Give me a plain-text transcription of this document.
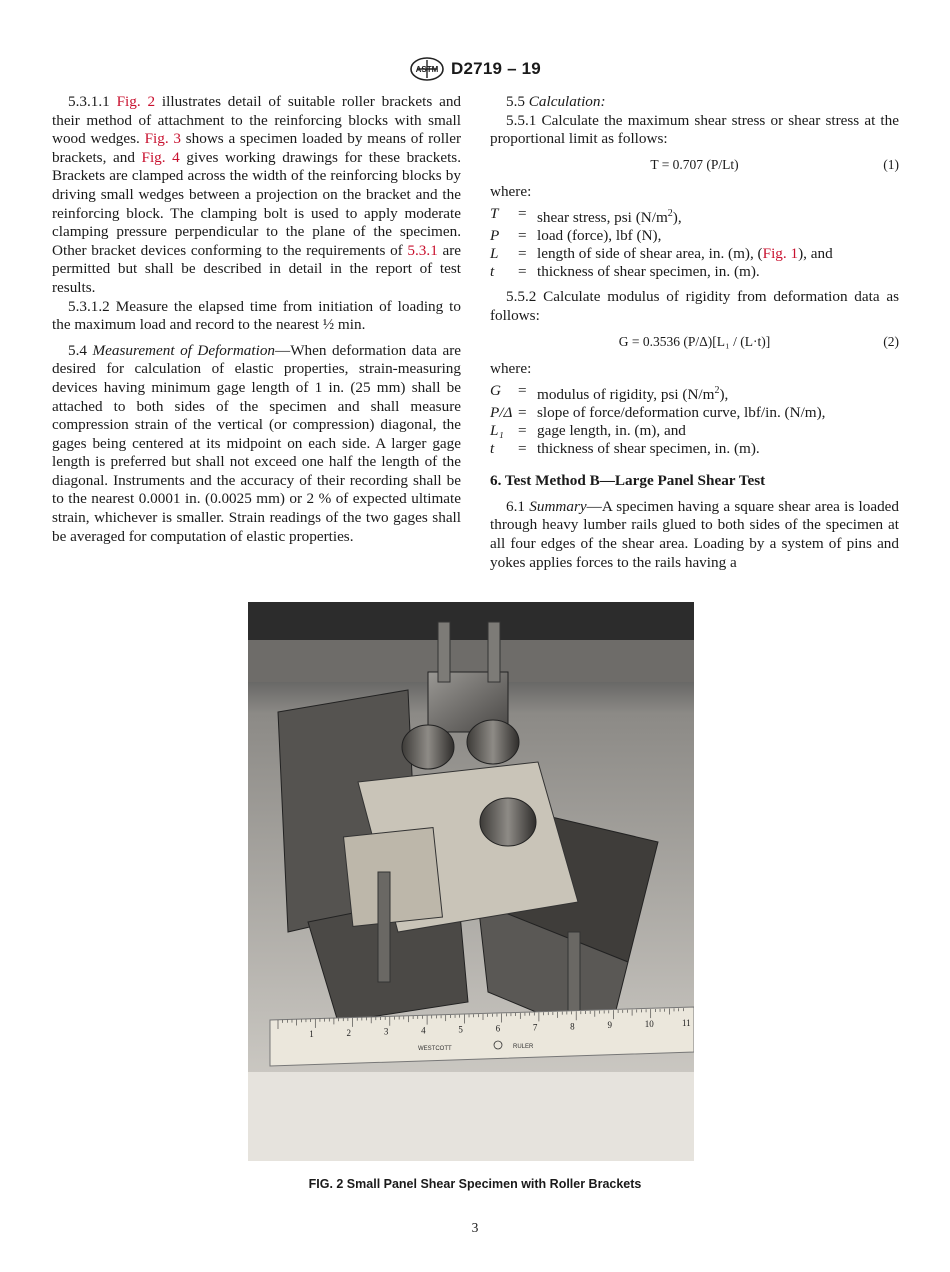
ASTM D2719 – 19

5.3.1.1 Fig. 2 illustrates detail of suitable roller brackets and their method of attachment to the reinforcing blocks with small wood wedges. Fig. 3 shows a specimen loaded by means of roller brackets, and Fig. 4 gives working drawings for these brackets. Brackets are clamped across the width of the reinforcing blocks by driving small wedges between a projection on the bracket and the reinforcing block. The clamping bolt is used to apply moderate clamping pressure perpendicular to the plane of the specimen. Other bracket devices conforming to the requirements of 5.3.1 are permitted but shall be described in detail in the report of test results.

5.3.1.2 Measure the elapsed time from initiation of loading to the maximum load and record to the nearest ½ min.

5.4 Measurement of Deformation—When deformation data are desired for calculation of elastic properties, strain-measuring devices having minimum gage length of 1 in. (25 mm) shall be attached to both sides of the specimen and shall measure compression strain of the vertical (or compression) diagonal, the gages being centered at its midpoint on each side. A larger gage length is preferred but shall not exceed one half the length of the diagonal. Instruments and the accuracy of their recording shall be to the nearest 0.0001 in. (0.0025 mm) or 2 % of expected ultimate strain, whichever is smaller. Strain readings of the two gages shall be averaged for computation of elastic properties.

5.5 Calculation:

5.5.1 Calculate the maximum shear stress or shear stress at the proportional limit as follows:

T = 0.707 (P/Lt)	(1)

where:

T	= shear stress, psi $(N/m^2)$,
P	= load (force), lbf (N),
L	= length of side of shear area, in. (m), (Fig. 1), and
t	= thickness of shear specimen, in. (m).

5.5.2 Calculate modulus of rigidity from deformation data as follows:

G = 0.3536 (P/Δ)[L₁ / (L·t)]	(2)

where:

G	= modulus of rigidity, psi $(N/m^2)$,
P/Δ = slope of force/deformation curve, lbf/in. (N/m),
L₁ = gage length, in. (m), and
t	= thickness of shear specimen, in. (m).

6. Test Method B—Large Panel Shear Test

6.1 Summary—A specimen having a square shear area is loaded through heavy lumber rails glued to both sides of the specimen at all four edges of the shear area. Loading by a system of pins and yokes applies forces to the rails having a

1	2	3	4	5	6	7	8	9	10	11
WESTCOTT	RULER
FIG. 2 Small Panel Shear Specimen with Roller Brackets
3
